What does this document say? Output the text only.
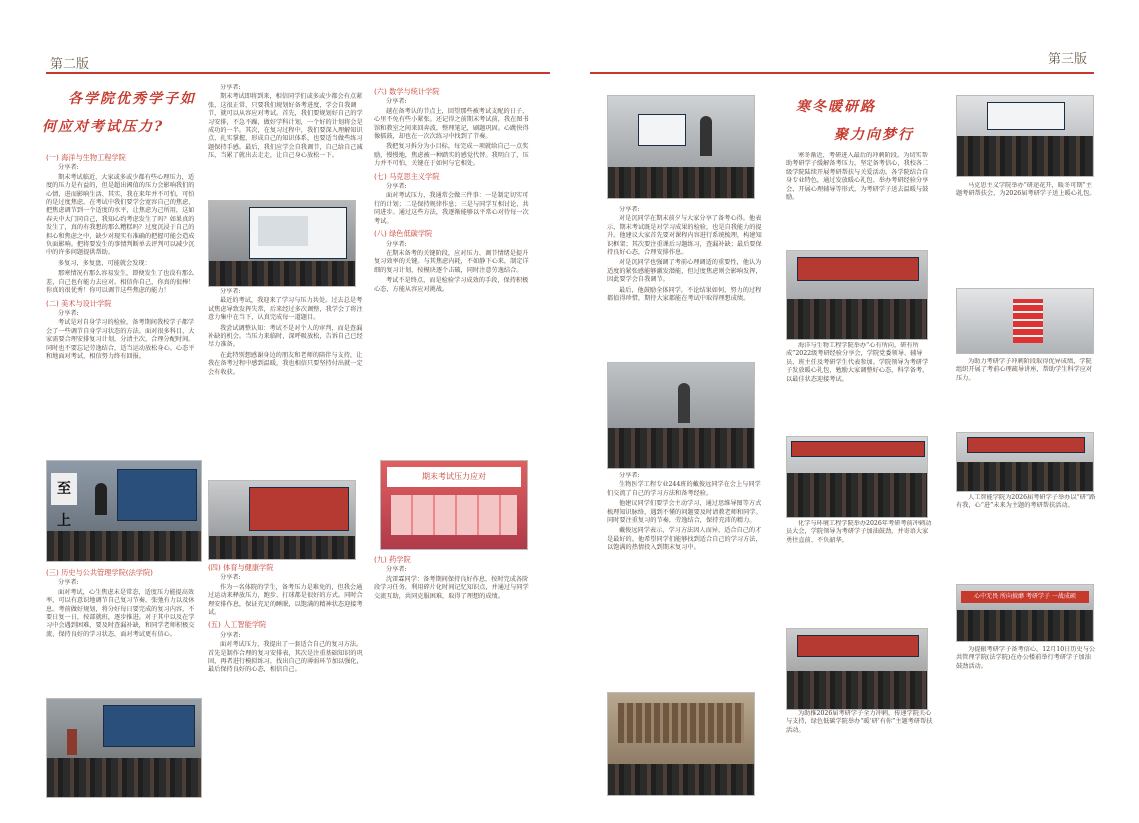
第二版	第三版
各学院优秀学子如
何应对考试压力?
(一) 海洋与生物工程学院
分享者:

期末考试临近，大家或多或少都有些心理压力，适度的压力是有益的，但是超出阈值的压力会影响我们的心情，进而影响生活、其实，我在来年并不可怕，可怕的是过度焦虑。在考试中我们要学会宽容自己的焦虑，把焦虑调节到一个适度的水平，让焦虑为己所用，这如春天中大门同自己，我知心约考虑发生了吗？如果真的发生了，真的有我想的那么糟糕吗？过度沉浸于自己的担心和焦虑之中，缺少对现实有准确的把握可能会造成负面影响。把将要发生的事情判断单去评判可以减少沉中的许多问题提供帮助。

多复习，多复盘，可能就会发现：

那寒情况有那么容易发生，即便发生了也没有那么差，自己也有能力去应对。相信你自己，你真的很棒！你真的很优秀！你可以调节这些焦虑的能力！

(二) 美术与设计学院
分享者:

考试是对自身学习的检验，备考期间我校学子都学会了一些调节自身学习状态的方法。面对很多科目，大家需要合理安排复习计划，分清主次，合理分配时间。同时也不要忘记劳逸结合，适当运动放松身心。心态平和地面对考试，相信努力终有回报。

至上
(三) 历史与公共管理学院(法学院)
分享者:

面对考试，心生焦虑未是常态，适度压力能提高效率，可以有意识地调节自己复习节奏，张弛有力以及休息。考前做好规划，将分好每日要完成的复习内容，不要日复一日，按部就班，逐步推进。对于其中以及在学习中会遇到困难，要及时查漏补缺，和同学老师积极交流，保持良好的学习状态，面对考试更有信心。

分享者:

期末考试即将到来，相信同学们或多或少都会有点紧张，这很正常，只要我们规划好备考进度，学会自我调节，就可以从容应对考试。首先，我们要规划好自己的学习安排，不急不躁，做好学科计划，一个好的计划将会是成功的一半。其次，在复习过程中，我们要深入理解知识点，扎实掌握，形成自己的知识体系，也要适当做些练习题保持手感。最后，我们应学会自我调节，自己给自己减压，当累了就出去走走，让自己身心放松一下。

分享者:

最近的考试，我迎来了学习与压力共处。过去总是考试焦虑导致发挥失常，后来经过多次调整，我学会了将注意力集中在当下，认真完成每一道题目。

我尝试调整认知：考试不是对个人的审判，而是查漏补缺的机会。当压力来临时，深呼吸放松，告诉自己已经尽力准备。

在此特别想感谢身边的朋友和老师的陪伴与支持，让我在备考过程中感到温暖，我也相信只要坚持付出就一定会有收获。

(四) 体育与健康学院
分享者:

作为一名体院的学生，备考压力是难免的，但我会通过运动来释放压力，跑步、打球都是很好的方式。同时合理安排作息，保证充足的睡眠，以饱满的精神状态迎接考试。

(五) 人工智能学院
分享者:

面对考试压力，我提出了一套适合自己的复习方法。首先是制作合理的复习安排表，其次是注重基础知识的巩固，再者进行模拟练习，找出自己的薄弱环节加以强化，最后保持良好的心态，相信自己。

(六) 数学与统计学院
分享者:

越在备考认的节点上，回望那些被考试支配的日子，心里不免有些小紧张。还记得之前期末考试前，我在图书馆和教室之间来回奔波，整理笔记，刷题巩固。心跳快得像擂鼓，却也在一次次练习中找到了节奏。

我把复习拆分为小目标，每完成一项就给自己一点奖励，慢慢地，焦虑被一种踏实的感觉代替。我明白了，压力并不可怕，关键在于如何与它相处。

(七) 马克思主义学院
分享者:

面对考试压力，我通常会做三件事：一是制定切实可行的计划；二是保持规律作息；三是与同学互相讨论，共同进步。通过这些方法，我逐渐能够以平常心对待每一次考试。

(八) 绿色低碳学院
分享者:

在期末备考的关键阶段，应对压力、调节情绪是提升复习效率的关键。与其焦虑内耗，不如静下心来，制定详细的复习计划，按模块逐个击破，同时注意劳逸结合。

考试不是终点，而是检验学习成效的手段，保持积极心态，方能从容应对挑战。

期末考试压力应对
(九) 药学院
分享者:

沈雷霖同学：备考期间保持良好作息，按时完成各阶段学习任务，利用碎片化时间记忆知识点，并通过与同学交流互助，共同克服困难，取得了理想的成绩。

分享者:

对是沉同学在期末前夕与大家分享了备考心得。他表示，期末考试既是对学习成果的检验，也是自我能力的提升。他建议大家首先要对课程内容进行系统梳理，构建知识框架；其次要注重课后习题练习，查漏补缺；最后要保持良好心态，合理安排作息。

对是沉同学也强调了考前心理调适的重要性，他认为适度的紧张感能够激发潜能，但过度焦虑则会影响发挥，因此要学会自我调节。

最后，他鼓励全体同学，不论结果如何，努力的过程都值得珍惜，期待大家都能在考试中取得理想成绩。

分享者:

生物医学工程专业244班的戴俊远同学在会上与同学们交流了自己的学习方法和备考经验。

他建议同学们要学会主动学习，通过思维导图等方式梳理知识脉络，遇到不懂的问题要及时请教老师和同学。同时要注重复习的节奏，劳逸结合，保持充沛的精力。

戴俊远同学表示，学习方法因人而异，适合自己的才是最好的。他希望同学们能够找到适合自己的学习方法，以饱满的热情投入到期末复习中。

寒冬暖研路
聚力向梦行

寒冬渐近，考研进入最后的冲刺阶段。为切实帮助考研学子缓解备考压力，坚定备考信心，我校各二级学院陆续开展考研帮扶与关爱活动。各学院结合自身专业特色，通过发放暖心礼包、举办考研经验分享会、开展心理辅导等形式，为考研学子送去温暖与鼓励。

海洋与生物工程学院举办“心有所向，研有所成”2022级考研经验分享会，学院党委领导、辅导员、班主任及考研学生代表参加。学院领导为考研学子发放暖心礼包，勉励大家调整好心态，科学备考，以最佳状态迎接考试。

化学与环境工程学院举办2026年考研考前冲刺动员大会，学院领导为考研学子加油鼓劲，并寄语大家勇往直前、不负韶华。

为助推2026届考研学子全力冲刺，传递学院关心与支持，绿色低碳学院举办“暖‘研’有你”主题考研帮扶活动。

马克思主义学院举办“研途花开，暖冬可期”主题考研帮扶会，为2026届考研学子送上暖心礼包。

为助力考研学子冲刺阶段取得优异成绩，学院组织开展了考前心理疏导讲座，帮助学生科学应对压力。

人工智能学院为2026届考研学子举办以“研”路有我，心“进”未来为主题的考研帮扶活动。

心中无畏 所向披靡 考研学子 一战成硕

为提振考研学子备考信心，12月10日历史与公共管理学院(法学院)在办公楼前举行考研学子加油鼓劲活动。
